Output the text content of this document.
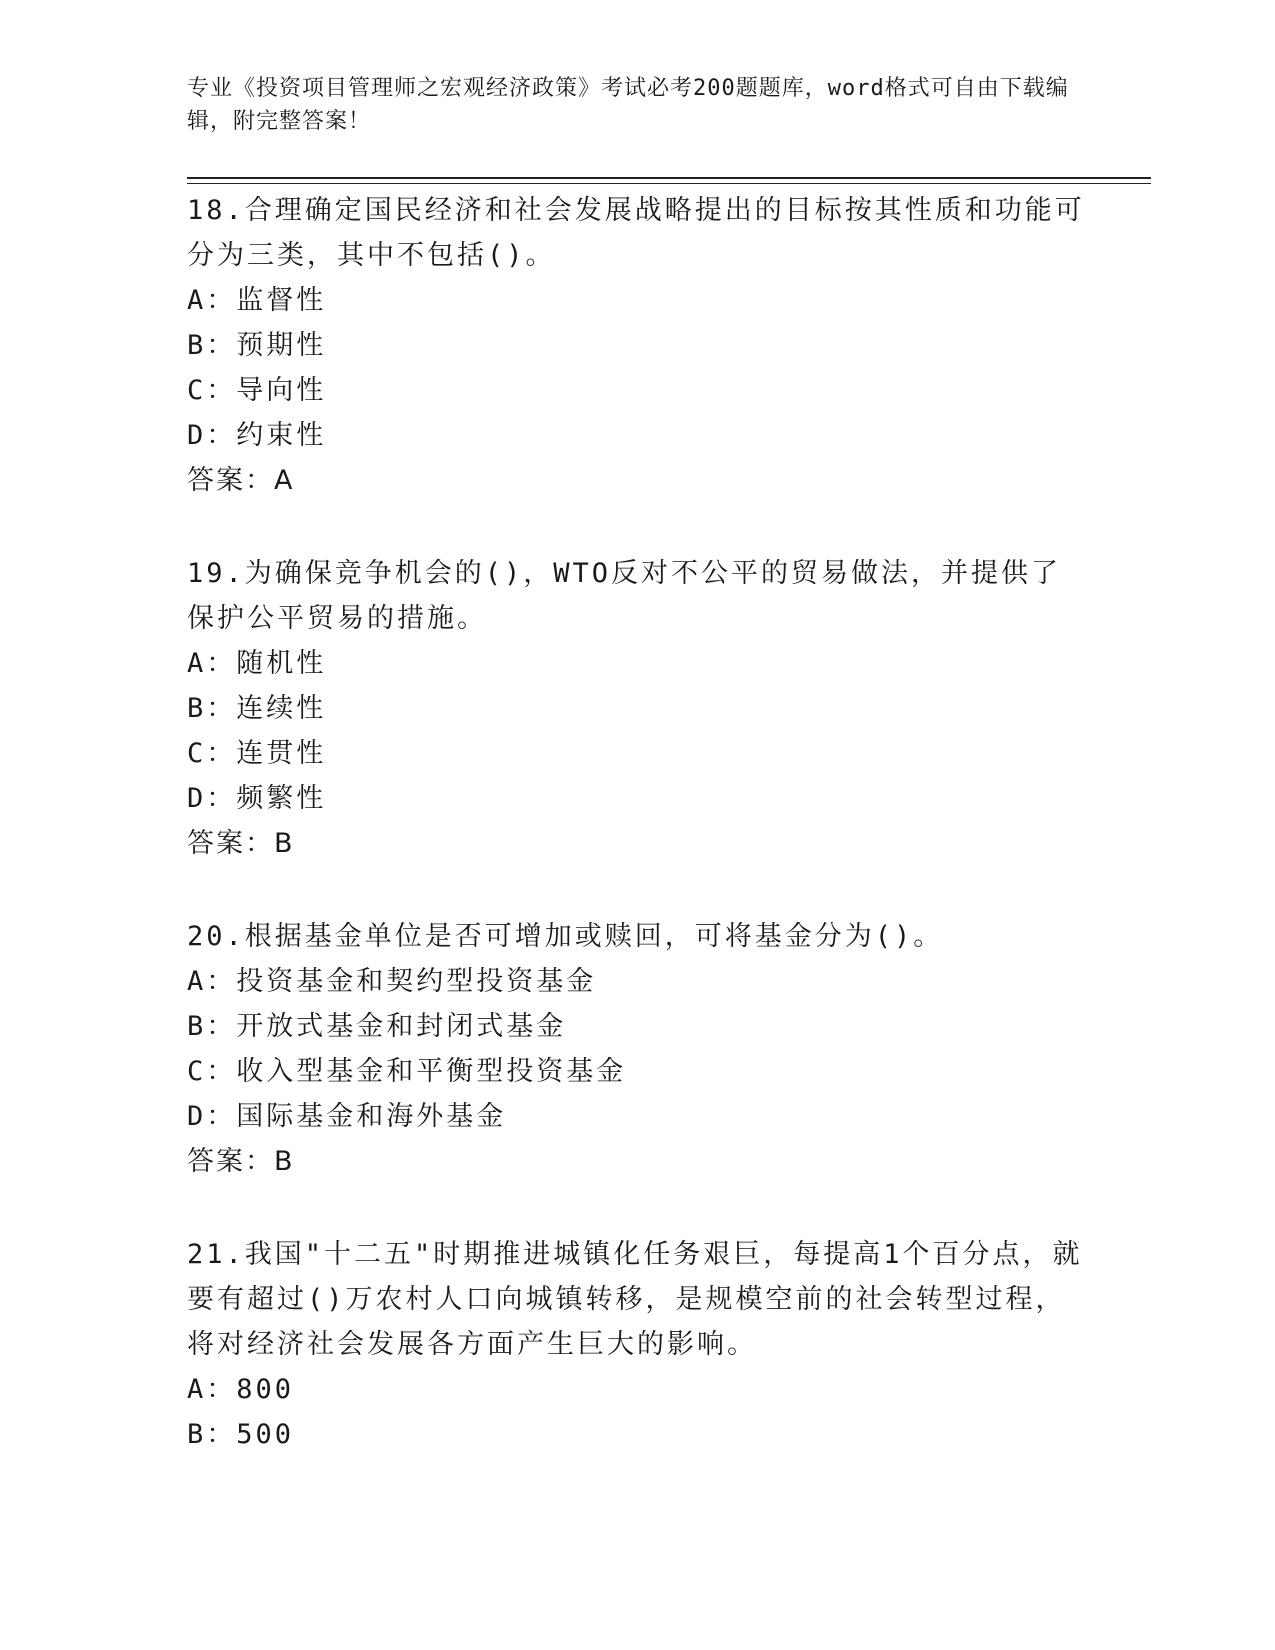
专业《投资项目管理师之宏观经济政策》考试必考200题题库，word格式可自由下载编辑，附完整答案！

18.合理确定国民经济和社会发展战略提出的目标按其性质和功能可分为三类，其中不包括()。

A：监督性

B：预期性

C：导向性

D：约束性

答案：A

19.为确保竞争机会的()，WTO反对不公平的贸易做法，并提供了保护公平贸易的措施。

A：随机性

B：连续性

C：连贯性

D：频繁性

答案：B

20.根据基金单位是否可增加或赎回，可将基金分为()。

A：投资基金和契约型投资基金

B：开放式基金和封闭式基金

C：收入型基金和平衡型投资基金

D：国际基金和海外基金

答案：B

21.我国"十二五"时期推进城镇化任务艰巨，每提高1个百分点，就要有超过()万农村人口向城镇转移，是规模空前的社会转型过程，将对经济社会发展各方面产生巨大的影响。

A：800

B：500
